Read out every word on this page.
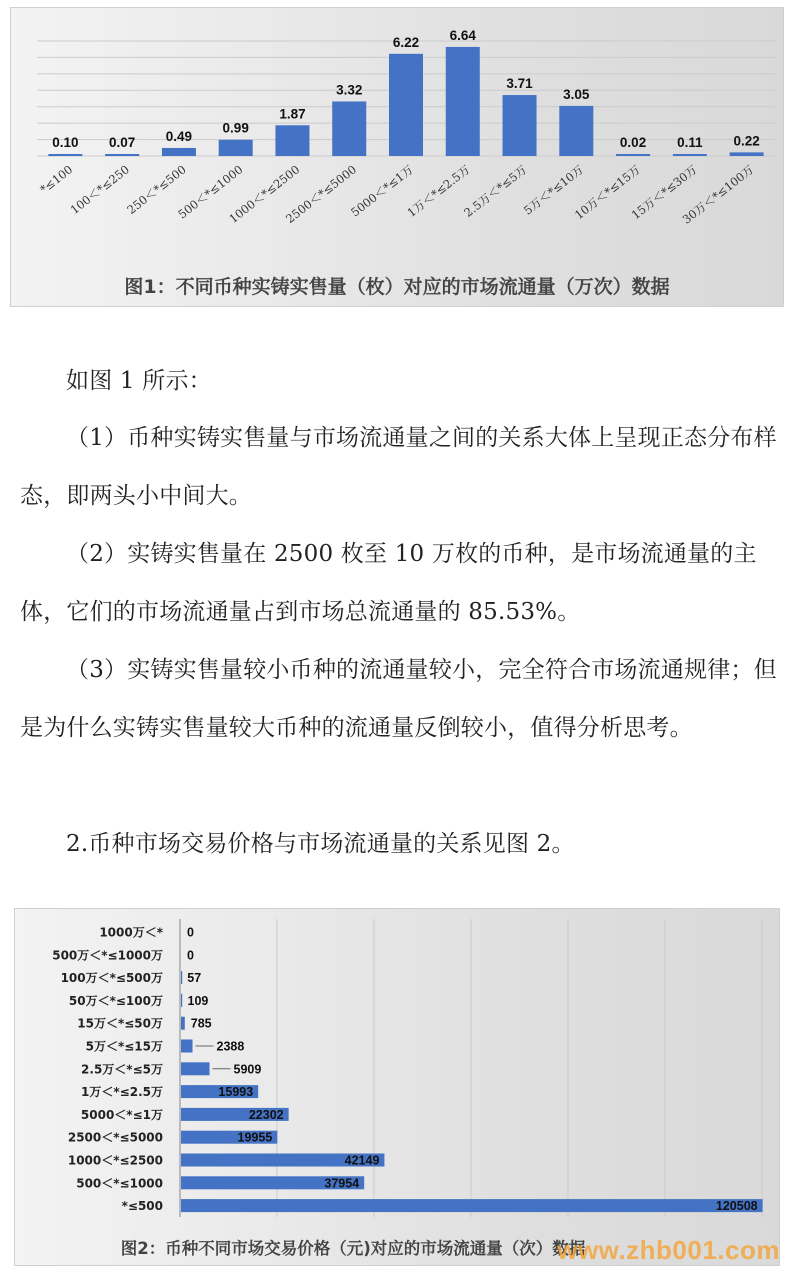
0.10
*≤100
0.07
100＜*≤250
0.49
250＜*≤500
0.99
500＜*≤1000
1.87
1000＜*≤2500
3.32
2500＜*≤5000
6.22
5000＜*≤1万
6.64
1万＜*≤2.5万
3.71
2.5万＜*≤5万
3.05
5万＜*≤10万
0.02
10万＜*≤15万
0.11
15万＜*≤30万
0.22
30万＜*≤100万
图1：不同币种实铸实售量（枚）对应的市场流通量（万次）数据

如图 1 所示：

（1）币种实铸实售量与市场流通量之间的关系大体上呈现正态分布样态，即两头小中间大。

（2）实铸实售量在 2500 枚至 10 万枚的币种，是市场流通量的主体，它们的市场流通量占到市场总流通量的 85.53%。

（3）实铸实售量较小币种的流通量较小，完全符合市场流通规律；但是为什么实铸实售量较大币种的流通量反倒较小，值得分析思考。

2.币种市场交易价格与市场流通量的关系见图 2。

1000万＜* 0
500万＜*≤1000万 0
100万＜*≤500万 57
50万＜*≤100万 109
15万＜*≤50万 785
5万＜*≤15万	2388
2.5万＜*≤5万	5909
1万＜*≤2.5万	15993
5000＜*≤1万	22302
2500＜*≤5000	19955
1000＜*≤2500	42149
500＜*≤1000	37954
*≤500	120508
图2：币种不同市场交易价格（元)对应的市场流通量（次）数据
www.zhb001.com
